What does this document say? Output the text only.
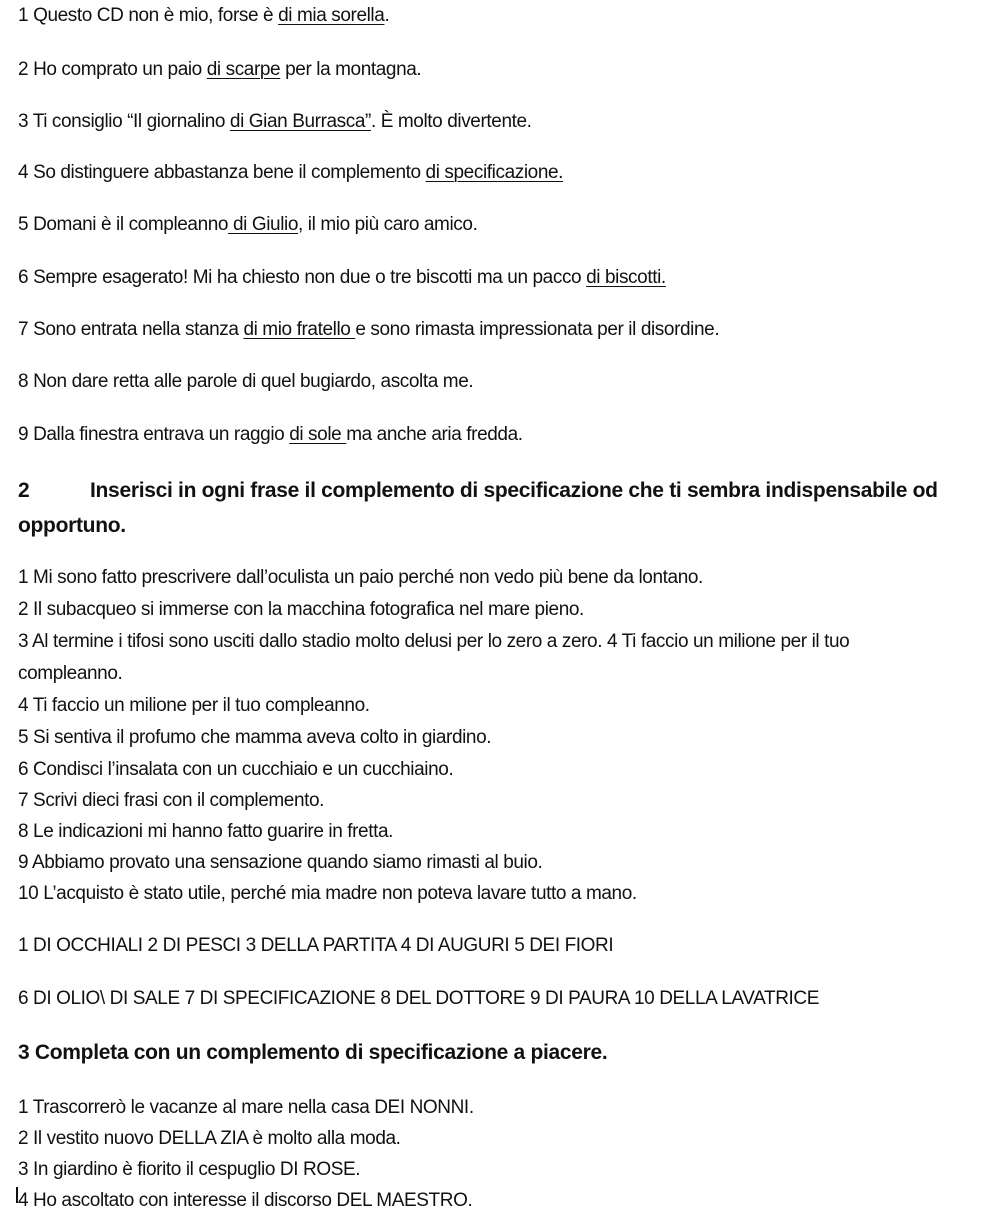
1 Questo CD non è mio, forse è di mia sorella.
2 Ho comprato un paio di scarpe per la montagna.
3 Ti consiglio “Il giornalino di Gian Burrasca”. È molto divertente.
4 So distinguere abbastanza bene il complemento di specificazione.
5 Domani è il compleanno di Giulio, il mio più caro amico.
6 Sempre esagerato! Mi ha chiesto non due o tre biscotti ma un pacco di biscotti.
7 Sono entrata nella stanza di mio fratello e sono rimasta impressionata per il disordine.
8 Non dare retta alle parole di quel bugiardo, ascolta me.
9 Dalla finestra entrava un raggio di sole ma anche aria fredda.
2	Inserisci in ogni frase il complemento di specificazione che ti sembra indispensabile od
opportuno.
1 Mi sono fatto prescrivere dall’oculista un paio perché non vedo più bene da lontano.
2 Il subacqueo si immerse con la macchina fotografica nel mare pieno.
3 Al termine i tifosi sono usciti dallo stadio molto delusi per lo zero a zero. 4 Ti faccio un milione per il tuo
compleanno.
4 Ti faccio un milione per il tuo compleanno.
5 Si sentiva il profumo che mamma aveva colto in giardino.
6 Condisci l’insalata con un cucchiaio e un cucchiaino.
7 Scrivi dieci frasi con il complemento.
8 Le indicazioni mi hanno fatto guarire in fretta.
9 Abbiamo provato una sensazione quando siamo rimasti al buio.
10 L’acquisto è stato utile, perché mia madre non poteva lavare tutto a mano.
1 DI OCCHIALI 2 DI PESCI 3 DELLA PARTITA 4 DI AUGURI 5 DEI FIORI
6 DI OLIO\ DI SALE 7 DI SPECIFICAZIONE 8 DEL DOTTORE 9 DI PAURA 10 DELLA LAVATRICE
3 Completa con un complemento di specificazione a piacere.
1 Trascorrerò le vacanze al mare nella casa DEI NONNI.
2 Il vestito nuovo DELLA ZIA è molto alla moda.
3 In giardino è fiorito il cespuglio DI ROSE.
4 Ho ascoltato con interesse il discorso DEL MAESTRO.
